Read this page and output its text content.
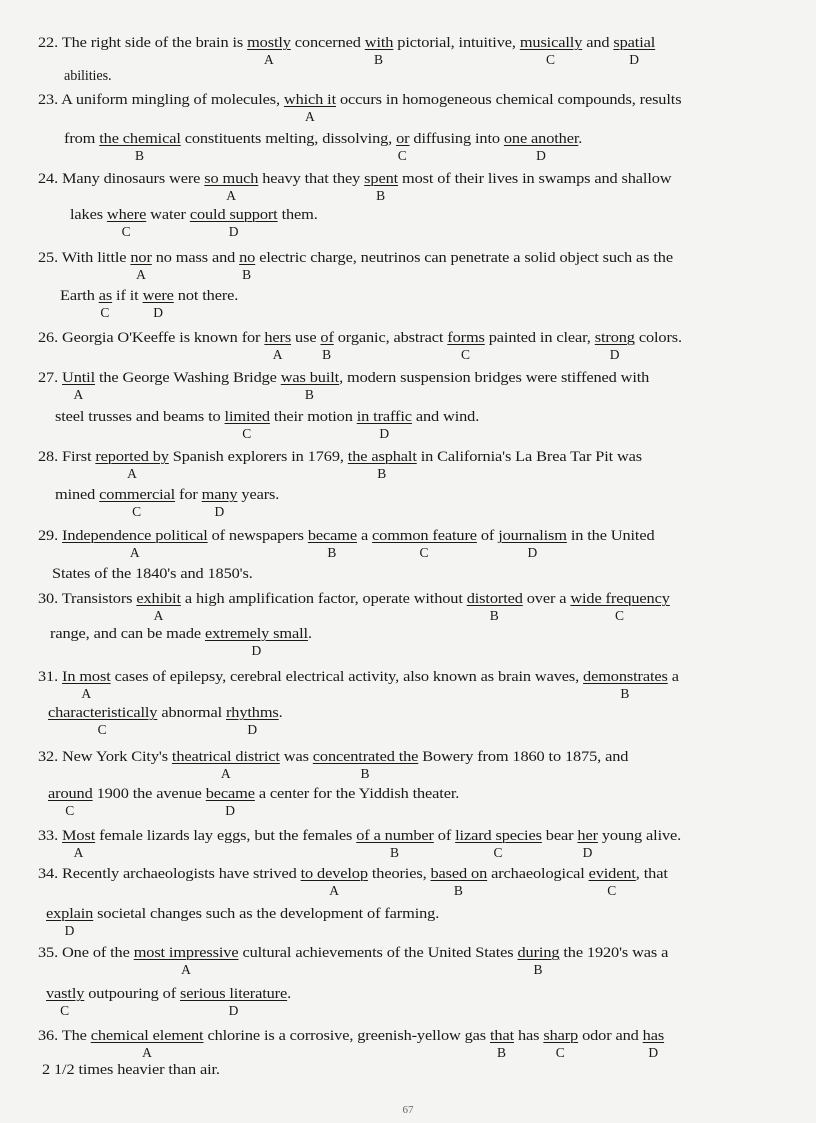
22. The right side of the brain is mostly concerned with pictorial, intuitive, musically and spatial
abilities.
A	B	C	D
23. A uniform mingling of molecules, which it occurs in homogeneous chemical compounds, results
from the chemical constituents melting, dissolving, or diffusing into one another.
A
B	C	D
24. Many dinosaurs were so much heavy that they spent most of their lives in swamps and shallow
lakes where water could support them.
A	B
C	D
25. With little nor no mass and no electric charge, neutrinos can penetrate a solid object such as the
Earth as if it were not there.
A	B
C	D
26. Georgia O'Keeffe is known for hers use of organic, abstract forms painted in clear, strong colors.
A	B	C	D
27. Until the George Washing Bridge was built, modern suspension bridges were stiffened with
steel trusses and beams to limited their motion in traffic and wind.
A	B
C	D
28. First reported by Spanish explorers in 1769, the asphalt in California's La Brea Tar Pit was
mined commercial for many years.
A	B
C	D
29. Independence political of newspapers became a common feature of journalism in the United
States of the 1840's and 1850's.
A	B	C	D
30. Transistors exhibit a high amplification factor, operate without distorted over a wide frequency
range, and can be made extremely small.
A	B	C
D
31. In most cases of epilepsy, cerebral electrical activity, also known as brain waves, demonstrates a
characteristically abnormal rhythms.
A	B
C	D
32. New York City's theatrical district was concentrated the Bowery from 1860 to 1875, and
around 1900 the avenue became a center for the Yiddish theater.
A	B
C	D
33. Most female lizards lay eggs, but the females of a number of lizard species bear her young alive.
A	B	C	D
34. Recently archaeologists have strived to develop theories, based on archaeological evident, that
explain societal changes such as the development of farming.
A	B	C
D
35. One of the most impressive cultural achievements of the United States during the 1920's was a
vastly outpouring of serious literature.
A	B
C	D
36. The chemical element chlorine is a corrosive, greenish-yellow gas that has sharp odor and has
2 1/2 times heavier than air.
A	B	C	D
67
